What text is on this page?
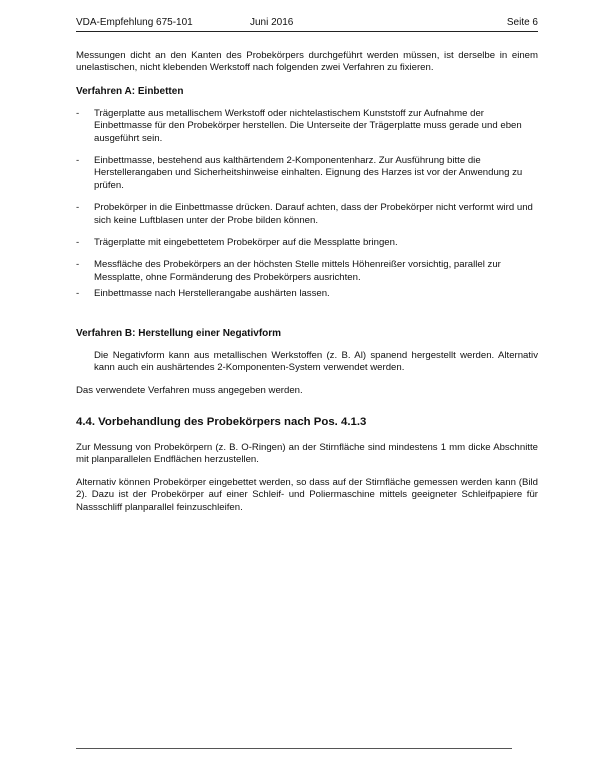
VDA-Empfehlung 675-101	Juni 2016	Seite 6

Messungen dicht an den Kanten des Probekörpers durchgeführt werden müssen, ist derselbe in einem unelastischen, nicht klebenden Werkstoff nach folgenden zwei Verfahren zu fixieren.

Verfahren A: Einbetten

- Trägerplatte aus metallischem Werkstoff oder nichtelastischem Kunststoff zur Aufnahme der Einbettmasse für den Probekörper herstellen. Die Unterseite der Trägerplatte muss gerade und eben ausgeführt sein.
- Einbettmasse, bestehend aus kalthärtendem 2-Komponentenharz. Zur Ausführung bitte die Herstellerangaben und Sicherheitshinweise einhalten. Eignung des Harzes ist vor der Anwendung zu prüfen.
- Probekörper in die Einbettmasse drücken. Darauf achten, dass der Probekörper nicht verformt wird und sich keine Luftblasen unter der Probe bilden können.
- Trägerplatte mit eingebettetem Probekörper auf die Messplatte bringen.
- Messfläche des Probekörpers an der höchsten Stelle mittels Höhenreißer vorsichtig, parallel zur Messplatte, ohne Formänderung des Probekörpers ausrichten.
- Einbettmasse nach Herstellerangabe aushärten lassen.

Verfahren B: Herstellung einer Negativform

Die Negativform kann aus metallischen Werkstoffen (z. B. Al) spanend hergestellt werden. Alternativ kann auch ein aushärtendes 2-Komponenten-System verwendet werden.

Das verwendete Verfahren muss angegeben werden.

4.4. Vorbehandlung des Probekörpers nach Pos. 4.1.3

Zur Messung von Probekörpern (z. B. O-Ringen) an der Stirnfläche sind mindestens 1 mm dicke Abschnitte mit planparallelen Endflächen herzustellen.

Alternativ können Probekörper eingebettet werden, so dass auf der Stirnfläche gemessen werden kann (Bild 2). Dazu ist der Probekörper auf einer Schleif- und Poliermaschine mittels geeigneter Schleifpapiere für Nassschliff planparallel feinzuschleifen.
